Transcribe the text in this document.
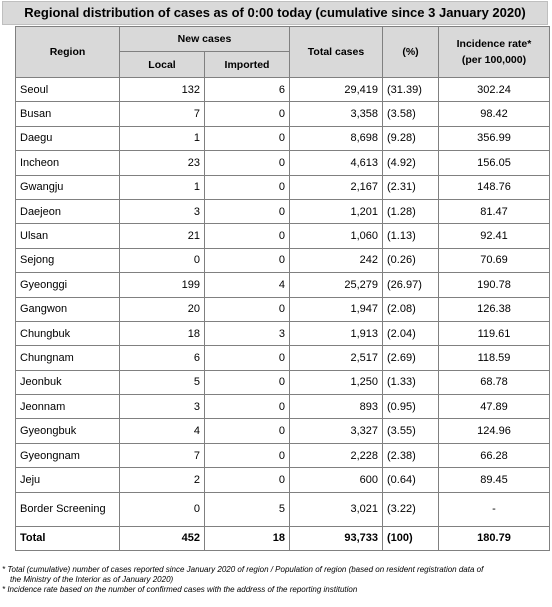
Regional distribution of cases as of 0:00 today (cumulative since 3 January 2020)
Region	New cases		Total cases	(%)	Incidence rate*
(per 100,000)

	Local	Imported			
Seoul	132	6	29,419	(31.39)	302.24
Busan	7	0	3,358	(3.58)	98.42
Daegu	1	0	8,698	(9.28)	356.99
Incheon	23	0	4,613	(4.92)	156.05
Gwangju	1	0	2,167	(2.31)	148.76
Daejeon	3	0	1,201	(1.28)	81.47
Ulsan	21	0	1,060	(1.13)	92.41
Sejong	0	0	242	(0.26)	70.69
Gyeonggi	199	4	25,279	(26.97)	190.78
Gangwon	20	0	1,947	(2.08)	126.38
Chungbuk	18	3	1,913	(2.04)	119.61
Chungnam	6	0	2,517	(2.69)	118.59
Jeonbuk	5	0	1,250	(1.33)	68.78
Jeonnam	3	0	893	(0.95)	47.89
Gyeongbuk	4	0	3,327	(3.55)	124.96
Gyeongnam	7	0	2,228	(2.38)	66.28
Jeju	2	0	600	(0.64)	89.45
Border Screening	0	5	3,021	(3.22)	-
Total	452	18	93,733	(100)	180.79

* Total (cumulative) number of cases reported since January 2020 of region / Population of region (based on resident registration data of

the Ministry of the Interior as of January 2020)

* Incidence rate based on the number of confirmed cases with the address of the reporting institution
